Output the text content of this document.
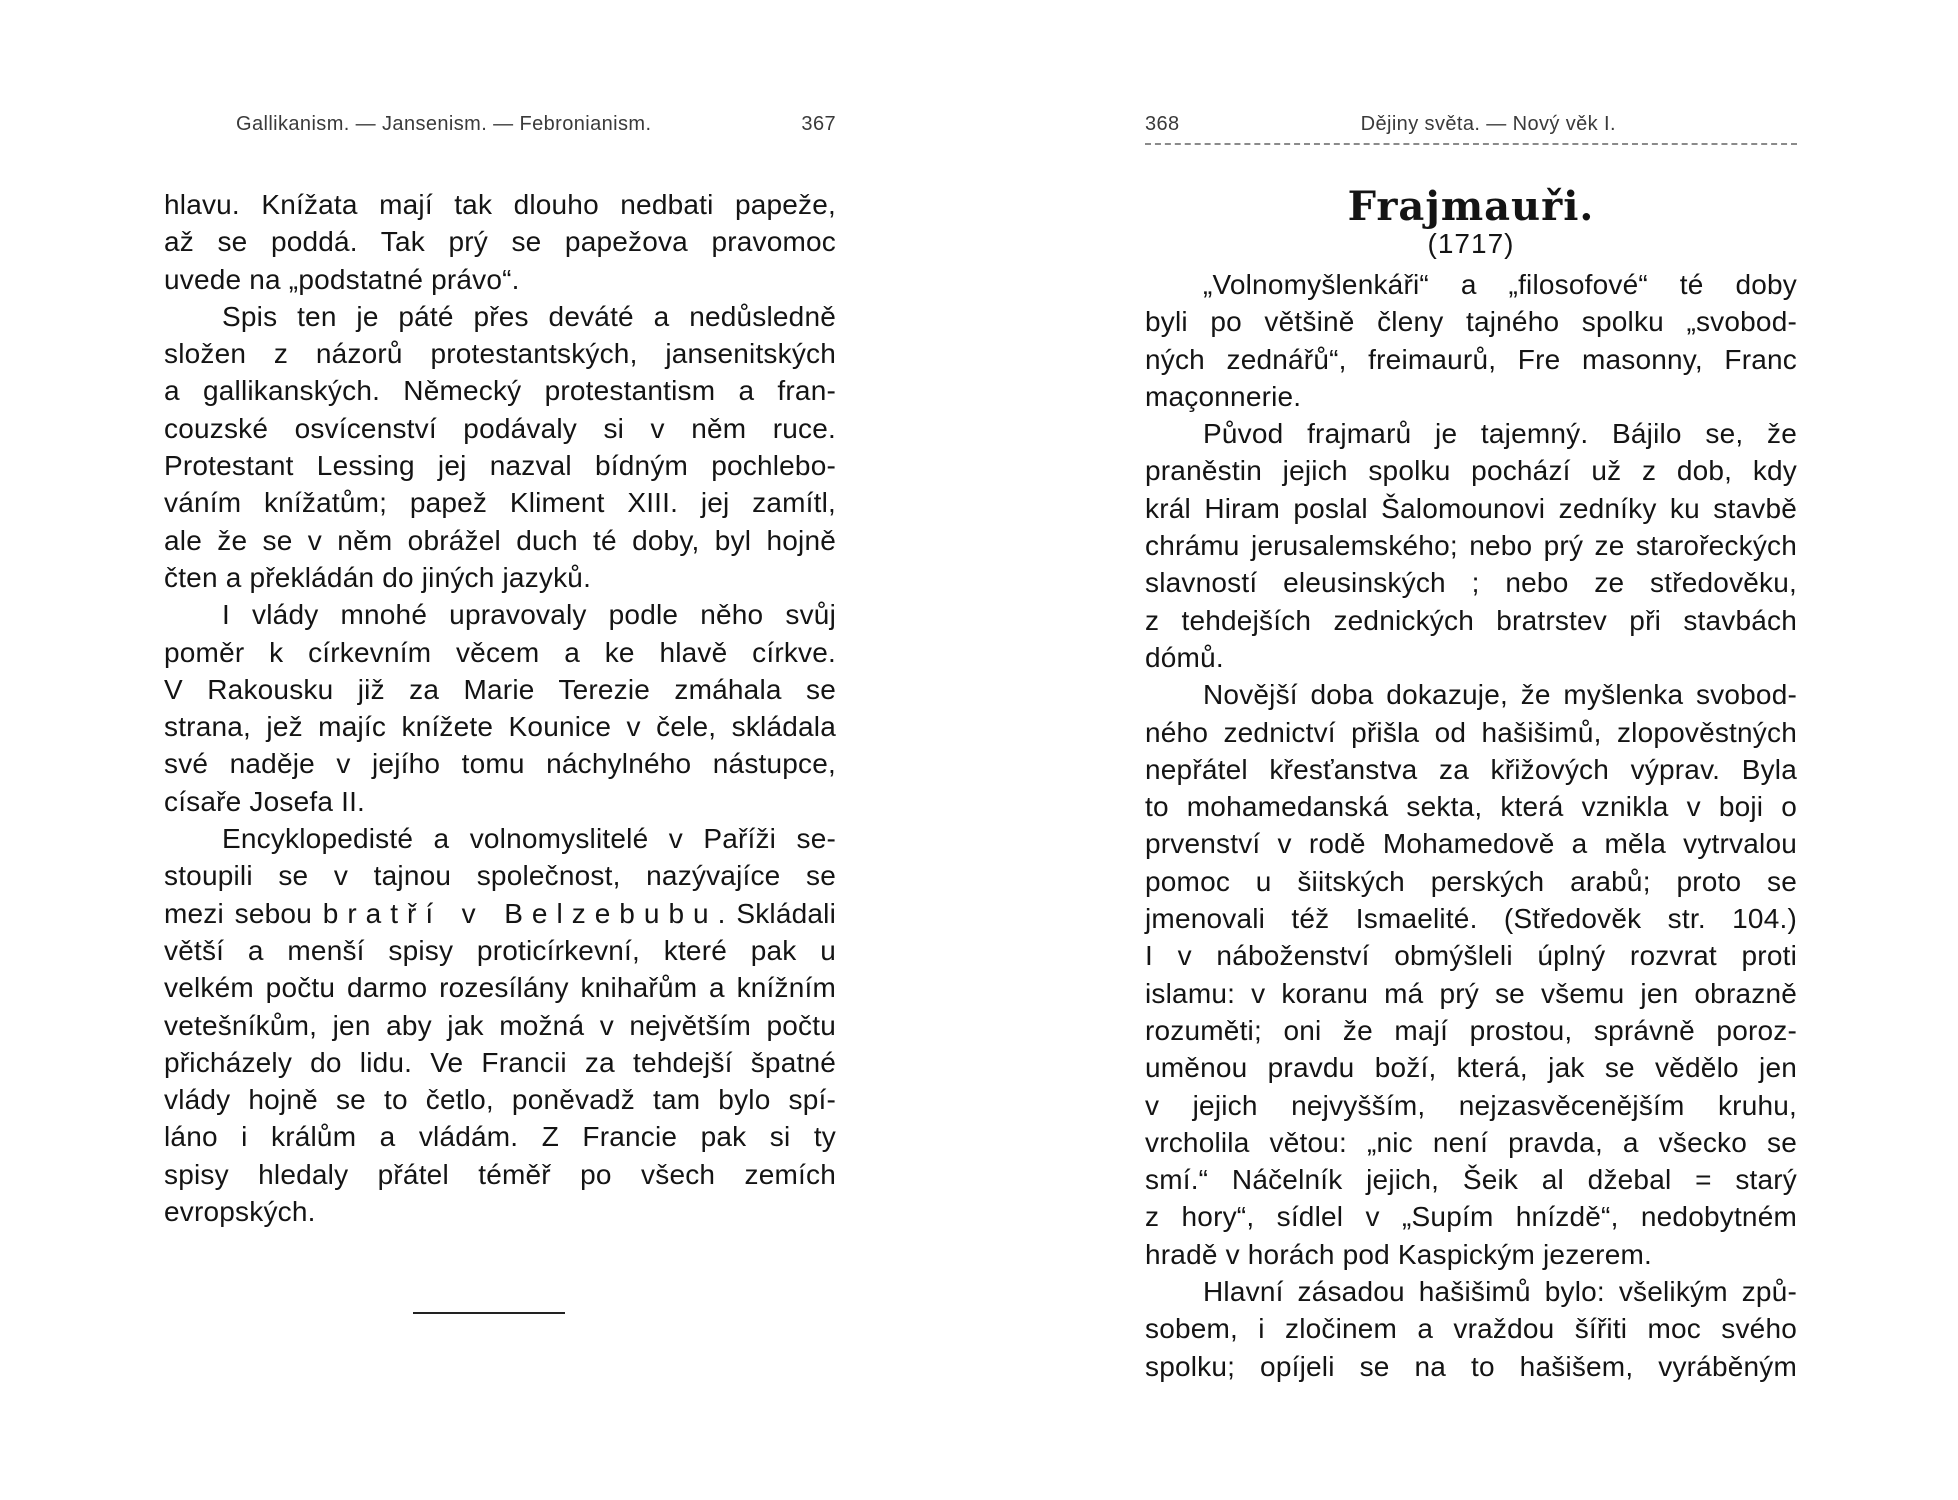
Gallikanism. — Jansenism. — Febronianism.	367
hlavu. Knížata mají tak dlouho nedbati papeže,
až se poddá. Tak prý se papežova pravomoc
uvede na „podstatné právo“.
Spis ten je páté přes deváté a nedůsledně
složen z názorů protestantských, jansenitských
a gallikanských. Německý protestantism a fran-
couzské osvícenství podávaly si v něm ruce.
Protestant Lessing jej nazval bídným pochlebo-
váním knížatům; papež Kliment XIII. jej zamítl,
ale že se v něm obrážel duch té doby, byl hojně
čten a překládán do jiných jazyků.
I vlády mnohé upravovaly podle něho svůj
poměr k církevním věcem a ke hlavě církve.
V Rakousku již za Marie Terezie zmáhala se
strana, jež majíc knížete Kounice v čele, skládala
své naděje v jejího tomu náchylného nástupce,
císaře Josefa II.
Encyklopedisté a volnomyslitelé v Paříži se-
stoupili se v tajnou společnost, nazývajíce se
mezi sebou bratří v Belzebubu. Skládali
větší a menší spisy proticírkevní, které pak u
velkém počtu darmo rozesílány knihařům a knížním
vetešníkům, jen aby jak možná v největším počtu
přicházely do lidu. Ve Francii za tehdejší špatné
vlády hojně se to četlo, poněvadž tam bylo spí-
láno i králům a vládám. Z Francie pak si ty
spisy hledaly přátel téměř po všech zemích
evropských.
368	Dějiny světa. — Nový věk I.
Frajmauři.
(1717)
„Volnomyšlenkáři“ a „filosofové“ té doby
byli po většině členy tajného spolku „svobod-
ných zednářů“, freimaurů, Fre masonny, Franc
maçonnerie.
Původ frajmarů je tajemný. Bájilo se, že
praněstin jejich spolku pochází už z dob, kdy
král Hiram poslal Šalomounovi zedníky ku stavbě
chrámu jerusalemského; nebo prý ze starořeckých
slavností eleusinských ; nebo ze středověku,
z tehdejších zednických bratrstev při stavbách
dómů.
Novější doba dokazuje, že myšlenka svobod-
ného zednictví přišla od hašišimů, zlopověstných
nepřátel křesťanstva za křižových výprav. Byla
to mohamedanská sekta, která vznikla v boji o
prvenství v rodě Mohamedově a měla vytrvalou
pomoc u šiitských perských arabů; proto se
jmenovali též Ismaelité. (Středověk str. 104.)
I v náboženství obmýšleli úplný rozvrat proti
islamu: v koranu má prý se všemu jen obrazně
rozuměti; oni že mají prostou, správně poroz-
uměnou pravdu boží, která, jak se vědělo jen
v jejich nejvyšším, nejzasvěcenějším kruhu,
vrcholila větou: „nic není pravda, a všecko se
smí.“ Náčelník jejich, Šeik al džebal = starý
z hory“, sídlel v „Supím hnízdě“, nedobytném
hradě v horách pod Kaspickým jezerem.
Hlavní zásadou hašišimů bylo: všelikým způ-
sobem, i zločinem a vraždou šířiti moc svého
spolku; opíjeli se na to hašišem, vyráběným
